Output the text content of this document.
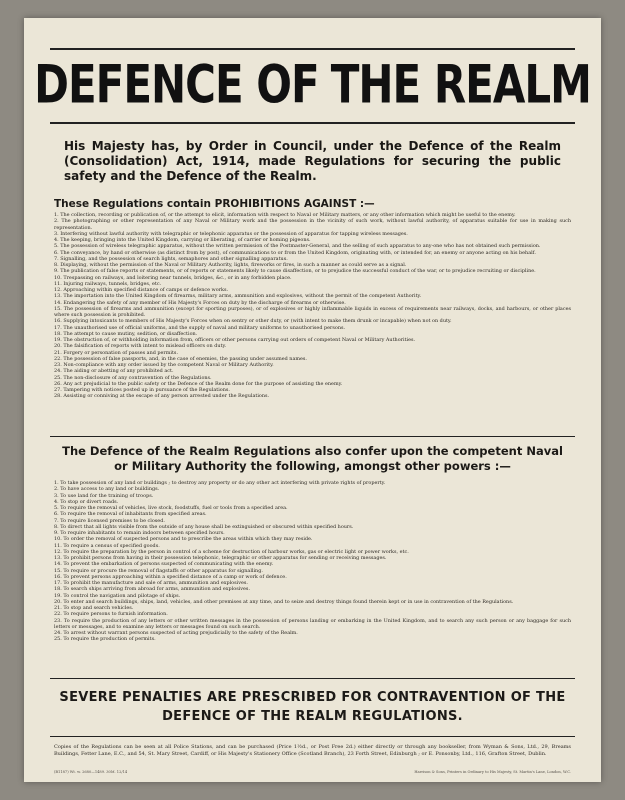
DEFENCE OF THE REALM
His Majesty has, by Order in Council, under the Defence of the Realm (Consolidation) Act, 1914, made Regulations for securing the public safety and the Defence of the Realm.
These Regulations contain PROHIBITIONS AGAINST :—
1. The collection, recording or publication of, or the attempt to elicit, information with respect to Naval or Military matters, or any other information which might be useful to the enemy.
2. The photographing or other representation of any Naval or Military work and the possession in the vicinity of such work, without lawful authority, of apparatus suitable for use in making such representation.
3. Interfering without lawful authority with telegraphic or telephonic apparatus or the possession of apparatus for tapping wireless messages.
4. The keeping, bringing into the United Kingdom, carrying or liberating, of carrier or homing pigeons.
5. The possession of wireless telegraphic apparatus, without the written permission of the Postmaster-General, and the selling of such apparatus to any-one who has not obtained such permission.
6. The conveyance, by hand or otherwise (as distinct from by post), of communications to or from the United Kingdom, originating with, or intended for, an enemy or anyone acting on his behalf.
7. Signalling, and the possession of search lights, semaphores and other signalling apparatus.
8. Displaying, without the permission of the Naval or Military Authority, lights, fireworks or fires, in such a manner as could serve as a signal.
9. The publication of false reports or statements, or of reports or statements likely to cause disaffection, or to prejudice the successful conduct of the war, or to prejudice recruiting or discipline.
10. Trespassing on railways, and loitering near tunnels, bridges, &c., or in any forbidden place.
11. Injuring railways, tunnels, bridges, etc.
12. Approaching within specified distance of camps or defence works.
13. The importation into the United Kingdom of firearms, military arms, ammunition and explosives, without the permit of the competent Authority.
14. Endangering the safety of any member of His Majesty's Forces on duty by the discharge of firearms or otherwise.
15. The possession of firearms and ammunition (except for sporting purposes), or of explosives or highly inflammable liquids in excess of requirements near railways, docks, and harbours, or other places where such possession is prohibited.
16. Supplying intoxicants to members of His Majesty's Forces when on sentry or other duty, or (with intent to make them drunk or incapable) when not on duty.
17. The unauthorised use of official uniforms, and the supply of naval and military uniforms to unauthorised persons.
18. The attempt to cause mutiny, sedition, or disaffection.
19. The obstruction of, or withholding information from, officers or other persons carrying out orders of competent Naval or Military Authorities.
20. The falsification of reports with intent to mislead officers on duty.
21. Forgery or personation of passes and permits.
22. The possession of false passports, and, in the case of enemies, the passing under assumed names.
23. Non-compliance with any order issued by the competent Naval or Military Authority.
24. The aiding or abetting of any prohibited act.
25. The non-disclosure of any contravention of the Regulations.
26. Any act prejudicial to the public safety or the Defence of the Realm done for the purpose of assisting the enemy.
27. Tampering with notices posted up in pursuance of the Regulations.
28. Assisting or conniving at the escape of any person arrested under the Regulations.
The Defence of the Realm Regulations also confer upon the competent Naval or Military Authority the following, amongst other powers :—
1. To take possession of any land or buildings ; to destroy any property or do any other act interfering with private rights of property.
2. To have access to any land or buildings.
3. To use land for the training of troops.
4. To stop or divert roads.
5. To require the removal of vehicles, live stock, foodstuffs, fuel or tools from a specified area.
6. To require the removal of inhabitants from specified areas.
7. To require licensed premises to be closed.
8. To direct that all lights visible from the outside of any house shall be extinguished or obscured within specified hours.
9. To require inhabitants to remain indoors between specified hours.
10. To order the removal of suspected persons and to prescribe the areas within which they may reside.
11. To require a census of specified goods.
12. To require the preparation by the person in control of a scheme for destruction of harbour works, gas or electric light or power works, etc.
13. To prohibit persons from having in their possession telephonic, telegraphic or other apparatus for sending or receiving messages.
14. To prevent the embarkation of persons suspected of communicating with the enemy.
15. To require or procure the removal of flagstaffs or other apparatus for signalling.
16. To prevent persons approaching within a specified distance of a camp or work of defence.
17. To prohibit the manufacture and sale of arms, ammunition and explosives.
18. To search ships arriving from abroad for arms, ammunition and explosives.
19. To control the navigation and pilotage of ships.
20. To enter and search buildings, ships, land, vehicles, and other premises at any time, and to seize and destroy things found therein kept or in use in contravention of the Regulations.
21. To stop and search vehicles.
22. To require persons to furnish information.
23. To require the production of any letters or other written messages in the possession of persons landing or embarking in the United Kingdom, and to search any such person or any baggage for such letters or messages, and to examine any letters or messages found on such search.
24. To arrest without warrant persons suspected of acting prejudicially to the safety of the Realm.
25. To require the production of permits.
SEVERE PENALTIES ARE PRESCRIBED FOR CONTRAVENTION OF THE
DEFENCE OF THE REALM REGULATIONS.
Copies of the Regulations can be seen at all Police Stations, and can be purchased (Price 1½d., or Post Free 2d.) either directly or through any bookseller, from Wyman & Sons, Ltd., 29, Breams Buildings, Fetter Lane, E.C., and 54, St. Mary Street, Cardiff, or His Majesty's Stationery Office (Scotland Branch), 23 Forth Street, Edinburgh ; or E. Ponsonby, Ltd., 116, Grafton Street, Dublin.
(B1187) Wt. w. 2680—1489. 30M. 12/14	Harrison & Sons, Printers in Ordinary to His Majesty, St. Martin's Lane, London, W.C.
